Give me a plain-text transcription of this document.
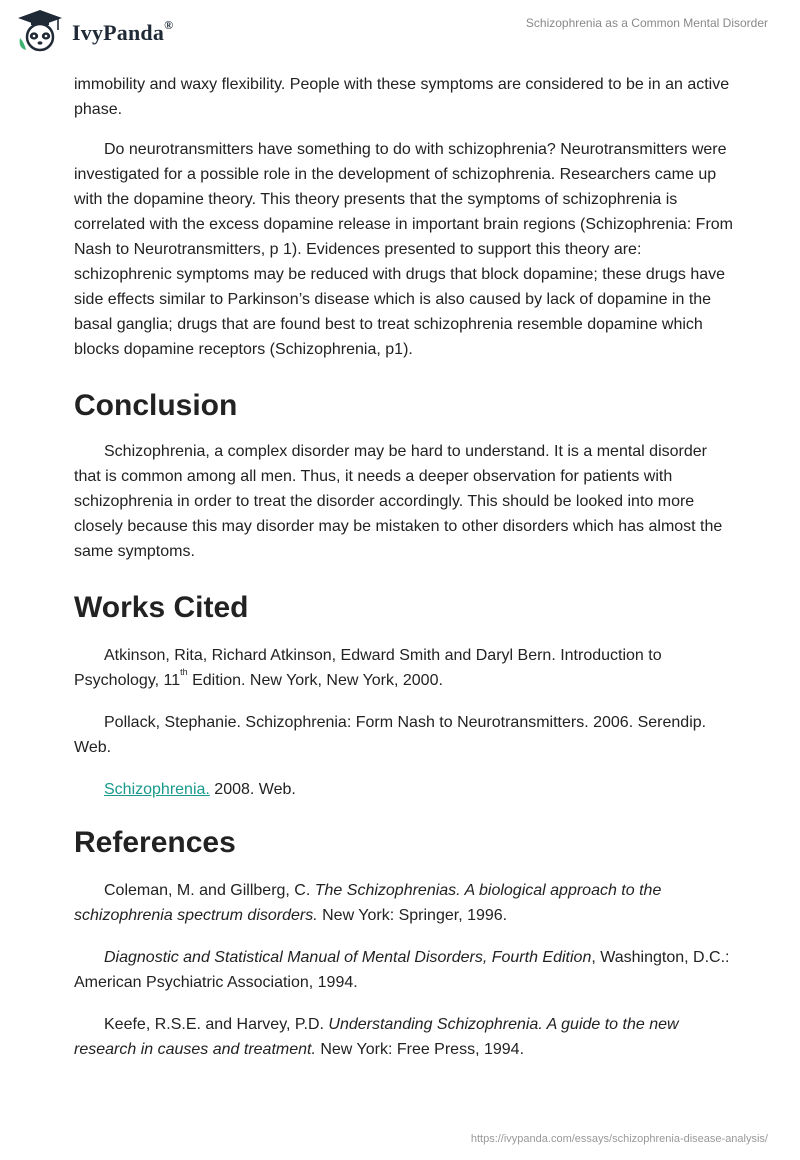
IvyPanda®	Schizophrenia as a Common Mental Disorder

immobility and waxy flexibility. People with these symptoms are considered to be in an active phase.

Do neurotransmitters have something to do with schizophrenia? Neurotransmitters were investigated for a possible role in the development of schizophrenia. Researchers came up with the dopamine theory. This theory presents that the symptoms of schizophrenia is correlated with the excess dopamine release in important brain regions (Schizophrenia: From Nash to Neurotransmitters, p 1). Evidences presented to support this theory are: schizophrenic symptoms may be reduced with drugs that block dopamine; these drugs have side effects similar to Parkinson’s disease which is also caused by lack of dopamine in the basal ganglia; drugs that are found best to treat schizophrenia resemble dopamine which blocks dopamine receptors (Schizophrenia, p1).

Conclusion

Schizophrenia, a complex disorder may be hard to understand. It is a mental disorder that is common among all men. Thus, it needs a deeper observation for patients with schizophrenia in order to treat the disorder accordingly. This should be looked into more closely because this may disorder may be mistaken to other disorders which has almost the same symptoms.

Works Cited

Atkinson, Rita, Richard Atkinson, Edward Smith and Daryl Bern. Introduction to Psychology, 11th Edition. New York, New York, 2000.

Pollack, Stephanie. Schizophrenia: Form Nash to Neurotransmitters. 2006. Serendip. Web.

Schizophrenia. 2008. Web.

References

Coleman, M. and Gillberg, C. The Schizophrenias. A biological approach to the schizophrenia spectrum disorders. New York: Springer, 1996.

Diagnostic and Statistical Manual of Mental Disorders, Fourth Edition, Washington, D.C.: American Psychiatric Association, 1994.

Keefe, R.S.E. and Harvey, P.D. Understanding Schizophrenia. A guide to the new research in causes and treatment. New York: Free Press, 1994.

https://ivypanda.com/essays/schizophrenia-disease-analysis/
